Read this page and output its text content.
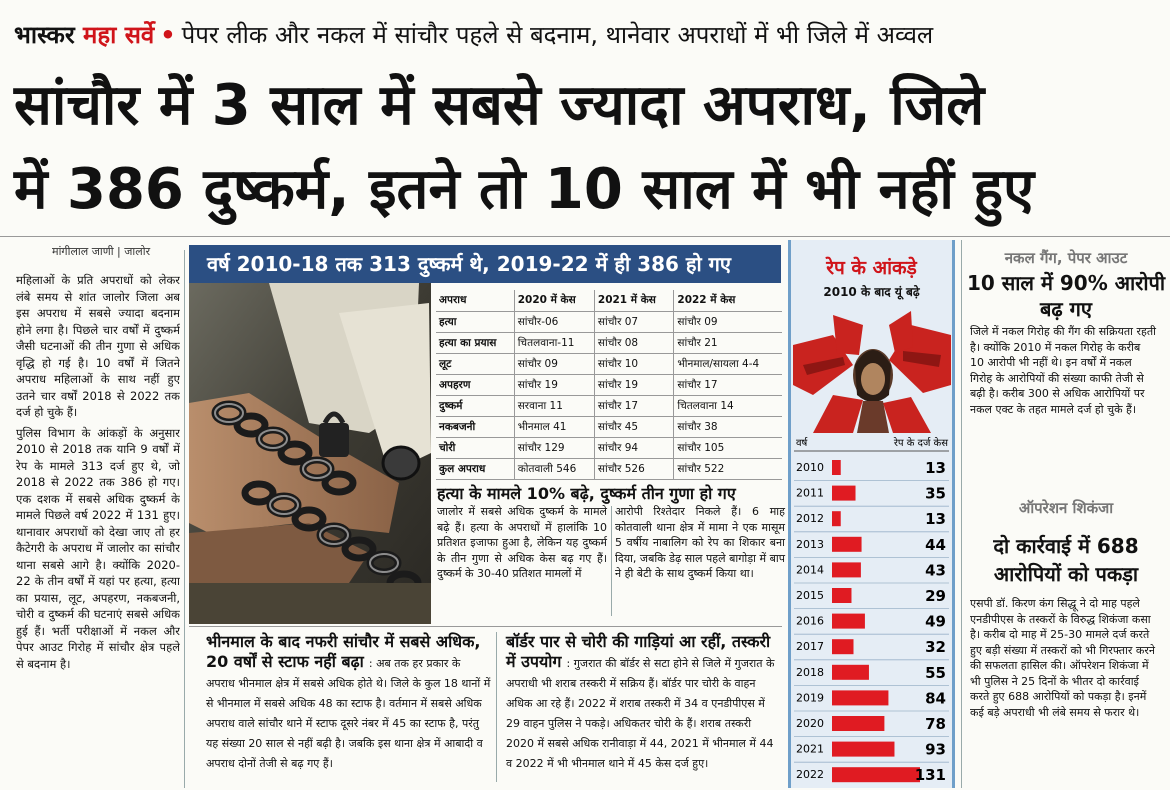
भास्कर महा सर्वे • पेपर लीक और नकल में सांचौर पहले से बदनाम, थानेवार अपराधों में भी जिले में अव्वल
सांचौर में 3 साल में सबसे ज्यादा अपराध, जिले
में 386 दुष्कर्म, इतने तो 10 साल में भी नहीं हुए
मांगीलाल जाणी | जालोर

महिलाओं के प्रति अपराधों को लेकर लंबे समय से शांत जालोर जिला अब इस अपराध में सबसे ज्यादा बदनाम होने लगा है। पिछले चार वर्षों में दुष्कर्म जैसी घटनाओं की तीन गुणा से अधिक वृद्धि हो गई है। 10 वर्षों में जितने अपराध महिलाओं के साथ नहीं हुए उतने चार वर्षों 2018 से 2022 तक दर्ज हो चुके हैं।

पुलिस विभाग के आंकड़ों के अनुसार 2010 से 2018 तक यानि 9 वर्षों में रेप के मामले 313 दर्ज हुए थे, जो 2018 से 2022 तक 386 हो गए। एक दशक में सबसे अधिक दुष्कर्म के मामले पिछले वर्ष 2022 में 131 हुए। थानावार अपराधों को देखा जाए तो हर कैटेगरी के अपराध में जालोर का सांचौर थाना सबसे आगे है। क्योंकि 2020-22 के तीन वर्षों में यहां पर हत्या, हत्या का प्रयास, लूट, अपहरण, नकबजनी, चोरी व दुष्कर्म की घटनाएं सबसे अधिक हुई हैं। भर्ती परीक्षाओं में नकल और पेपर आउट गिरोह में सांचौर क्षेत्र पहले से बदनाम है।

वर्ष 2010-18 तक 313 दुष्कर्म थे, 2019-22 में ही 386 हो गए
अपराध	2020 में केस	2021 में केस	2022 में केस
हत्या	सांचौर-06	सांचौर 07	सांचौर 09
हत्या का प्रयास	चितलवाना-11	सांचौर 08	सांचौर 21
लूट	सांचौर 09	सांचौर 10	भीनमाल/सायला 4-4
अपहरण	सांचौर 19	सांचौर 19	सांचौर 17
दुष्कर्म	सरवाना 11	सांचौर 17	चितलवाना 14
नकबजनी	भीनमाल 41	सांचौर 45	सांचौर 38
चोरी	सांचौर 129	सांचौर 94	सांचौर 105
कुल अपराध	कोतवाली 546	सांचौर 526	सांचौर 522
हत्या के मामले 10% बढ़े, दुष्कर्म तीन गुणा हो गए
जालोर में सबसे अधिक दुष्कर्म के मामले बढ़े हैं। हत्या के अपराधों में हालांकि 10 प्रतिशत इजाफा हुआ है, लेकिन यह दुष्कर्म के तीन गुणा से अधिक केस बढ़ गए हैं। दुष्कर्म के 30-40 प्रतिशत मामलों में
आरोपी रिश्तेदार निकले हैं। 6 माह कोतवाली थाना क्षेत्र में मामा ने एक मासूम 5 वर्षीय नाबालिग को रेप का शिकार बना दिया, जबकि डेढ़ साल पहले बागोड़ा में बाप ने ही बेटी के साथ दुष्कर्म किया था।
भीनमाल के बाद नफरी सांचौर में सबसे अधिक, 20 वर्षों से स्टाफ नहीं बढ़ा : अब तक हर प्रकार के अपराध भीनमाल क्षेत्र में सबसे अधिक होते थे। जिले के कुल 18 थानों में से भीनमाल में सबसे अधिक 48 का स्टाफ है। वर्तमान में सबसे अधिक अपराध वाले सांचौर थाने में स्टाफ दूसरे नंबर में 45 का स्टाफ है, परंतु यह संख्या 20 साल से नहीं बढ़ी है। जबकि इस थाना क्षेत्र में आबादी व अपराध दोनों तेजी से बढ़ गए हैं।
बॉर्डर पार से चोरी की गाड़ियां आ रहीं, तस्करी में उपयोग : गुजरात की बॉर्डर से सटा होने से जिले में गुजरात के अपराधी भी शराब तस्करी में सक्रिय हैं। बॉर्डर पार चोरी के वाहन अधिक आ रहे हैं। 2022 में शराब तस्करी में 34 व एनडीपीएस में 29 वाहन पुलिस ने पकड़े। अधिकतर चोरी के हैं। शराब तस्करी 2020 में सबसे अधिक रानीवाड़ा में 44, 2021 में भीनमाल में 44 व 2022 में भी भीनमाल थाने में 45 केस दर्ज हुए।
रेप के आंकड़े
2010 के बाद यूं बढ़े
वर्ष	रेप के दर्ज केस
2010	13
2011	35
2012	13
2013	44
2014	43
2015	29
2016	49
2017	32
2018	55
2019	84
2020	78
2021	93
2022	131
नकल गैंग, पेपर आउट
10 साल में 90% आरोपी बढ़ गए
जिले में नकल गिरोह की गैंग की सक्रियता रहती है। क्योंकि 2010 में नकल गिरोह के करीब 10 आरोपी भी नहीं थे। इन वर्षों में नकल गिरोह के आरोपियों की संख्या काफी तेजी से बढ़ी है। करीब 300 से अधिक आरोपियों पर नकल एक्ट के तहत मामले दर्ज हो चुके हैं।
ऑपरेशन शिकंजा
दो कार्रवाई में 688 आरोपियों को पकड़ा
एसपी डॉ. किरण कंग सिद्धू ने दो माह पहले एनडीपीएस के तस्करों के विरुद्ध शिकंजा कसा है। करीब दो माह में 25-30 मामले दर्ज करते हुए बड़ी संख्या में तस्करों को भी गिरफ्तार करने की सफलता हासिल की। ऑपरेशन शिकंजा में भी पुलिस ने 25 दिनों के भीतर दो कार्रवाई करते हुए 688 आरोपियों को पकड़ा है। इनमें कई बड़े अपराधी भी लंबे समय से फरार थे।
